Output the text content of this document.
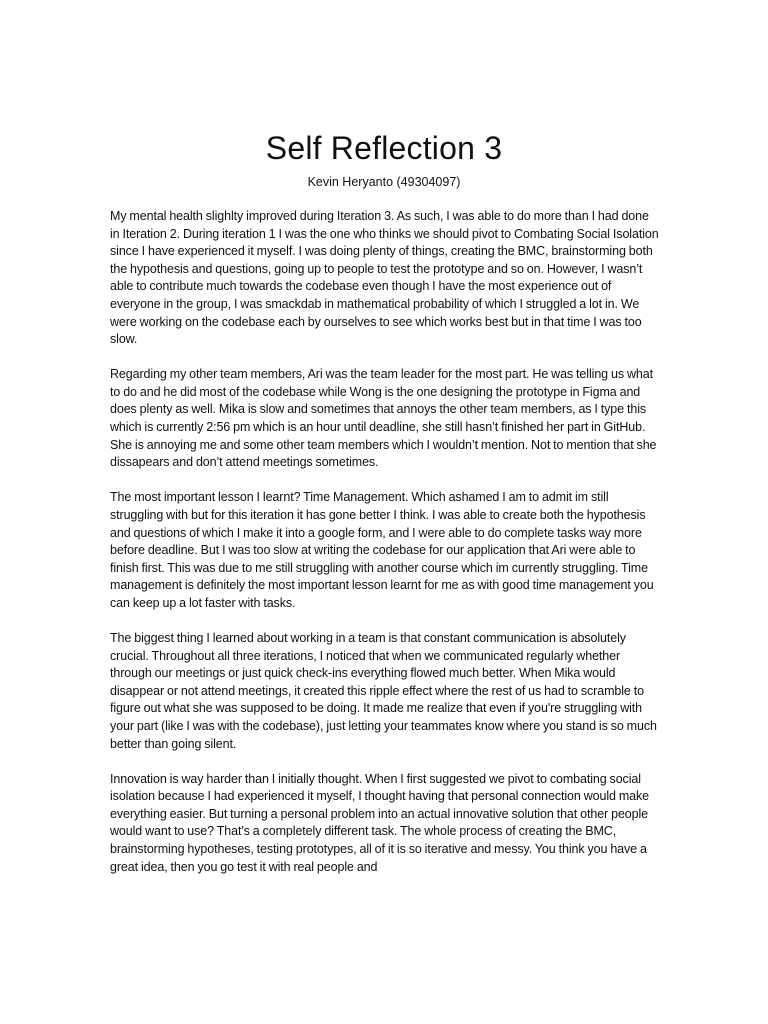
Self Reflection 3
Kevin Heryanto (49304097)

My mental health slighlty improved during Iteration 3. As such, I was able to do more than I had done in Iteration 2. During iteration 1 I was the one who thinks we should pivot to Combating Social Isolation since I have experienced it myself. I was doing plenty of things, creating the BMC, brainstorming both the hypothesis and questions, going up to people to test the prototype and so on. However, I wasn’t able to contribute much towards the codebase even though I have the most experience out of everyone in the group, I was smackdab in mathematical probability of which I struggled a lot in. We were working on the codebase each by ourselves to see which works best but in that time I was too slow.

Regarding my other team members, Ari was the team leader for the most part. He was telling us what to do and he did most of the codebase while Wong is the one designing the prototype in Figma and does plenty as well. Mika is slow and sometimes that annoys the other team members, as I type this which is currently 2:56 pm which is an hour until deadline, she still hasn’t finished her part in GitHub. She is annoying me and some other team members which I wouldn’t mention. Not to mention that she dissapears and don’t attend meetings sometimes.

The most important lesson I learnt? Time Management. Which ashamed I am to admit im still struggling with but for this iteration it has gone better I think. I was able to create both the hypothesis and questions of which I make it into a google form, and I were able to do complete tasks way more before deadline. But I was too slow at writing the codebase for our application that Ari were able to finish first. This was due to me still struggling with another course which im currently struggling. Time management is definitely the most important lesson learnt for me as with good time management you can keep up a lot faster with tasks.

The biggest thing I learned about working in a team is that constant communication is absolutely crucial. Throughout all three iterations, I noticed that when we communicated regularly whether through our meetings or just quick check-ins everything flowed much better. When Mika would disappear or not attend meetings, it created this ripple effect where the rest of us had to scramble to figure out what she was supposed to be doing. It made me realize that even if you're struggling with your part (like I was with the codebase), just letting your teammates know where you stand is so much better than going silent.

Innovation is way harder than I initially thought. When I first suggested we pivot to combating social isolation because I had experienced it myself, I thought having that personal connection would make everything easier. But turning a personal problem into an actual innovative solution that other people would want to use? That's a completely different task. The whole process of creating the BMC, brainstorming hypotheses, testing prototypes, all of it is so iterative and messy. You think you have a great idea, then you go test it with real people and
